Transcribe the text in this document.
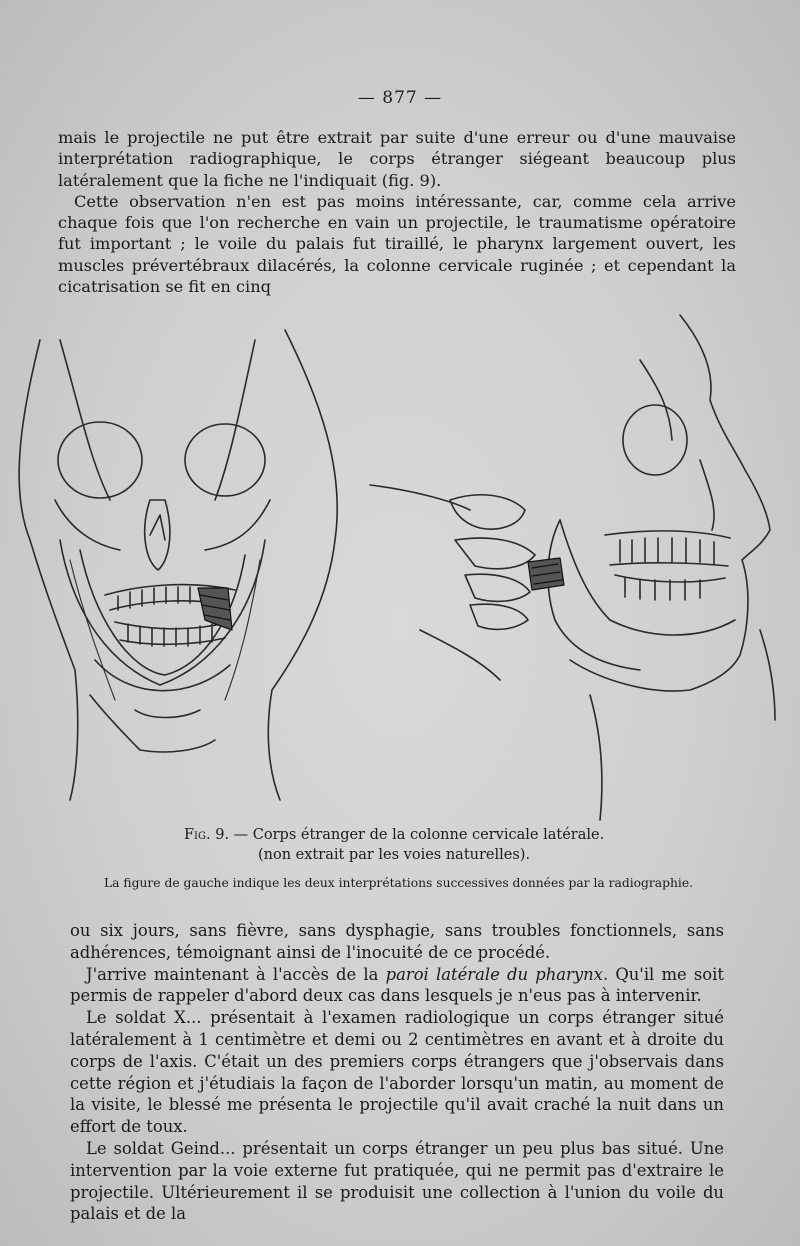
— 877 —

mais le projectile ne put être extrait par suite d'une erreur ou d'une mauvaise interprétation radiographique, le corps étranger siégeant beaucoup plus latéralement que la fiche ne l'indiquait (fig. 9).

Cette observation n'en est pas moins intéressante, car, comme cela arrive chaque fois que l'on recherche en vain un projectile, le traumatisme opératoire fut important ; le voile du palais fut tiraillé, le pharynx largement ouvert, les muscles prévertébraux dilacérés, la colonne cervicale ruginée ; et cependant la cicatrisation se fit en cinq

Fig. 9. — Corps étranger de la colonne cervicale latérale.
(non extrait par les voies naturelles).
La figure de gauche indique les deux interprétations successives données par la radiographie.

ou six jours, sans fièvre, sans dysphagie, sans troubles fonctionnels, sans adhérences, témoignant ainsi de l'inocuité de ce procédé.

J'arrive maintenant à l'accès de la paroi latérale du pharynx. Qu'il me soit permis de rappeler d'abord deux cas dans lesquels je n'eus pas à intervenir.

Le soldat X... présentait à l'examen radiologique un corps étranger situé latéralement à 1 centimètre et demi ou 2 centimètres en avant et à droite du corps de l'axis. C'était un des premiers corps étrangers que j'observais dans cette région et j'étudiais la façon de l'aborder lorsqu'un matin, au moment de la visite, le blessé me présenta le projectile qu'il avait craché la nuit dans un effort de toux.

Le soldat Geind... présentait un corps étranger un peu plus bas situé. Une intervention par la voie externe fut pratiquée, qui ne permit pas d'extraire le projectile. Ultérieurement il se produisit une collection à l'union du voile du palais et de la
